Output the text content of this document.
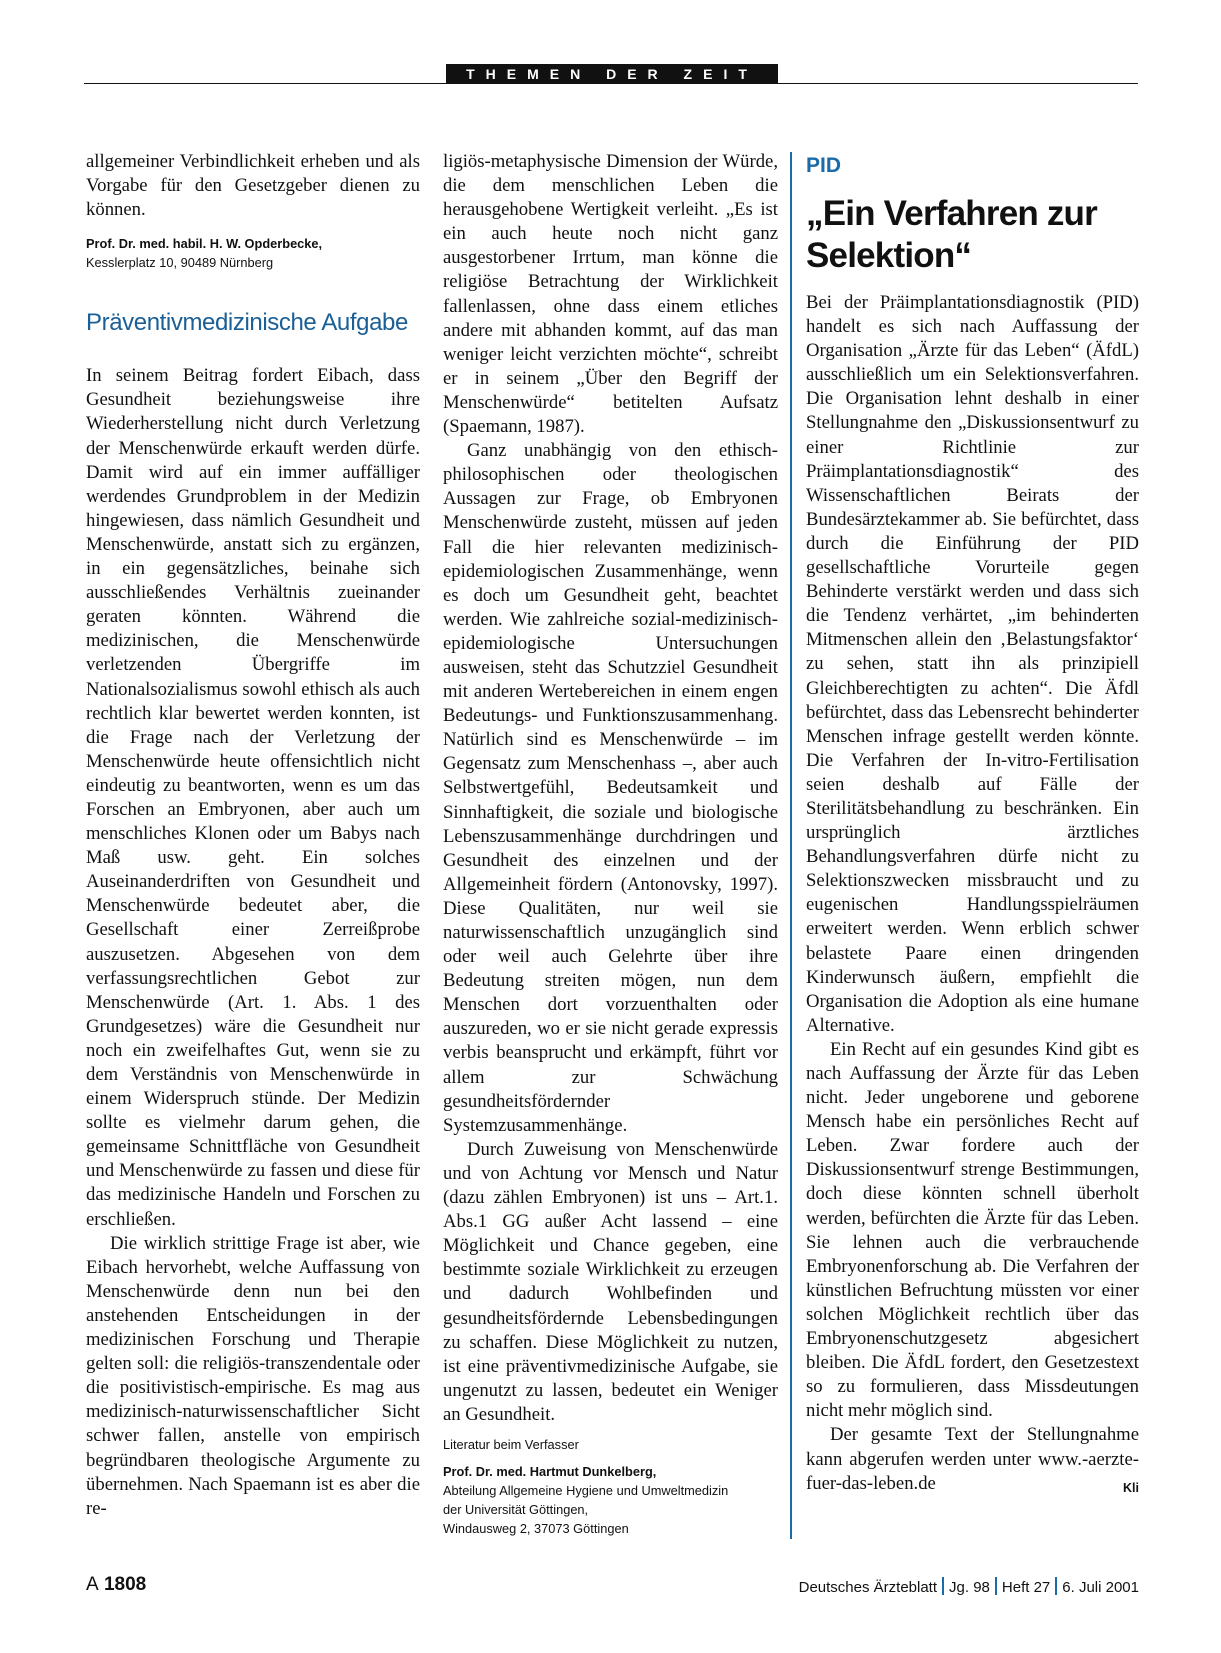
THEMEN DER ZEIT

allgemeiner Verbindlichkeit erheben und als Vorgabe für den Gesetzgeber dienen zu können.

Prof. Dr. med. habil. H. W. Opderbecke,
Kesslerplatz 10, 90489 Nürnberg
Präventivmedizinische Aufgabe

In seinem Beitrag fordert Eibach, dass Gesundheit beziehungsweise ihre Wiederherstellung nicht durch Verletzung der Menschenwürde erkauft werden dürfe. Damit wird auf ein immer auffälliger werdendes Grundproblem in der Medizin hingewiesen, dass nämlich Gesundheit und Menschenwürde, anstatt sich zu ergänzen, in ein gegensätzliches, beinahe sich ausschließendes Verhältnis zueinander geraten könnten. Während die medizinischen, die Menschenwürde verletzenden Übergriffe im Nationalsozialismus sowohl ethisch als auch rechtlich klar bewertet werden konnten, ist die Frage nach der Verletzung der Menschenwürde heute offensichtlich nicht eindeutig zu beantworten, wenn es um das Forschen an Embryonen, aber auch um menschliches Klonen oder um Babys nach Maß usw. geht. Ein solches Auseinanderdriften von Gesundheit und Menschenwürde bedeutet aber, die Gesellschaft einer Zerreißprobe auszusetzen. Abgesehen von dem verfassungsrechtlichen Gebot zur Menschenwürde (Art. 1. Abs. 1 des Grundgesetzes) wäre die Gesundheit nur noch ein zweifelhaftes Gut, wenn sie zu dem Verständnis von Menschenwürde in einem Widerspruch stünde. Der Medizin sollte es vielmehr darum gehen, die gemeinsame Schnittfläche von Gesundheit und Menschenwürde zu fassen und diese für das medizinische Handeln und Forschen zu erschließen.

Die wirklich strittige Frage ist aber, wie Eibach hervorhebt, welche Auffassung von Menschenwürde denn nun bei den anstehenden Entscheidungen in der medizinischen Forschung und Therapie gelten soll: die religiös-transzendentale oder die positivistisch-empirische. Es mag aus medizinisch-naturwissenschaftlicher Sicht schwer fallen, anstelle von empirisch begründbaren theologische Argumente zu übernehmen. Nach Spaemann ist es aber die re-

ligiös-metaphysische Dimension der Würde, die dem menschlichen Leben die herausgehobene Wertigkeit verleiht. „Es ist ein auch heute noch nicht ganz ausgestorbener Irrtum, man könne die religiöse Betrachtung der Wirklichkeit fallenlassen, ohne dass einem etliches andere mit abhanden kommt, auf das man weniger leicht verzichten möchte“, schreibt er in seinem „Über den Begriff der Menschenwürde“ betitelten Aufsatz (Spaemann, 1987).

Ganz unabhängig von den ethisch-philosophischen oder theologischen Aussagen zur Frage, ob Embryonen Menschenwürde zusteht, müssen auf jeden Fall die hier relevanten medizinisch-epidemiologischen Zusammenhänge, wenn es doch um Gesundheit geht, beachtet werden. Wie zahlreiche sozial-medizinisch-epidemiologische Untersuchungen ausweisen, steht das Schutzziel Gesundheit mit anderen Wertebereichen in einem engen Bedeutungs- und Funktionszusammenhang. Natürlich sind es Menschenwürde – im Gegensatz zum Menschenhass –, aber auch Selbstwertgefühl, Bedeutsamkeit und Sinnhaftigkeit, die soziale und biologische Lebenszusammenhänge durchdringen und Gesundheit des einzelnen und der Allgemeinheit fördern (Antonovsky, 1997). Diese Qualitäten, nur weil sie naturwissenschaftlich unzugänglich sind oder weil auch Gelehrte über ihre Bedeutung streiten mögen, nun dem Menschen dort vorzuenthalten oder auszureden, wo er sie nicht gerade expressis verbis beansprucht und erkämpft, führt vor allem zur Schwächung gesundheitsfördernder Systemzusammenhänge.

Durch Zuweisung von Menschenwürde und von Achtung vor Mensch und Natur (dazu zählen Embryonen) ist uns – Art.1. Abs.1 GG außer Acht lassend – eine Möglichkeit und Chance gegeben, eine bestimmte soziale Wirklichkeit zu erzeugen und dadurch Wohlbefinden und gesundheitsfördernde Lebensbedingungen zu schaffen. Diese Möglichkeit zu nutzen, ist eine präventivmedizinische Aufgabe, sie ungenutzt zu lassen, bedeutet ein Weniger an Gesundheit.

Literatur beim Verfasser
Prof. Dr. med. Hartmut Dunkelberg,
Abteilung Allgemeine Hygiene und Umweltmedizin
der Universität Göttingen,
Windausweg 2, 37073 Göttingen
PID
„Ein Verfahren zur Selektion“

Bei der Präimplantationsdiagnostik (PID) handelt es sich nach Auffassung der Organisation „Ärzte für das Leben“ (ÄfdL) ausschließlich um ein Selektionsverfahren. Die Organisation lehnt deshalb in einer Stellungnahme den „Diskussionsentwurf zu einer Richtlinie zur Präimplantationsdiagnostik“ des Wissenschaftlichen Beirats der Bundesärztekammer ab. Sie befürchtet, dass durch die Einführung der PID gesellschaftliche Vorurteile gegen Behinderte verstärkt werden und dass sich die Tendenz verhärtet, „im behinderten Mitmenschen allein den ‚Belastungsfaktor‘ zu sehen, statt ihn als prinzipiell Gleichberechtigten zu achten“. Die Äfdl befürchtet, dass das Lebensrecht behinderter Menschen infrage gestellt werden könnte. Die Verfahren der In-vitro-Fertilisation seien deshalb auf Fälle der Sterilitätsbehandlung zu beschränken. Ein ursprünglich ärztliches Behandlungsverfahren dürfe nicht zu Selektionszwecken missbraucht und zu eugenischen Handlungsspielräumen erweitert werden. Wenn erblich schwer belastete Paare einen dringenden Kinderwunsch äußern, empfiehlt die Organisation die Adoption als eine humane Alternative.

Ein Recht auf ein gesundes Kind gibt es nach Auffassung der Ärzte für das Leben nicht. Jeder ungeborene und geborene Mensch habe ein persönliches Recht auf Leben. Zwar fordere auch der Diskussionsentwurf strenge Bestimmungen, doch diese könnten schnell überholt werden, befürchten die Ärzte für das Leben. Sie lehnen auch die verbrauchende Embryonenforschung ab. Die Verfahren der künstlichen Befruchtung müssten vor einer solchen Möglichkeit rechtlich über das Embryonenschutzgesetz abgesichert bleiben. Die ÄfdL fordert, den Gesetzestext so zu formulieren, dass Missdeutungen nicht mehr möglich sind.

Der gesamte Text der Stellungnahme kann abgerufen werden unter www.-aerzte-fuer-das-leben.de	Kli

A 1808	Deutsches Ärzteblatt Jg. 98 Heft 27 6. Juli 2001
